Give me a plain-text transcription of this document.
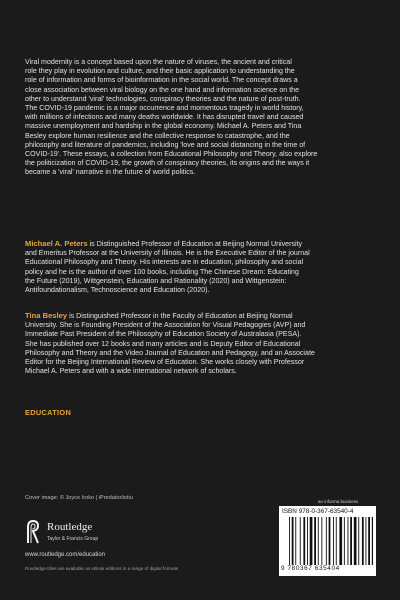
Viral modernity is a concept based upon the nature of viruses, the ancient and critical
role they play in evolution and culture, and their basic application to understanding the
role of information and forms of bioinformation in the social world. The concept draws a
close association between viral biology on the one hand and information science on the
other to understand 'viral' technologies, conspiracy theories and the nature of post-truth.
The COVID-19 pandemic is a major occurrence and momentous tragedy in world history,
with millions of infections and many deaths worldwide. It has disrupted travel and caused
massive unemployment and hardship in the global economy. Michael A. Peters and Tina
Besley explore human resilience and the collective response to catastrophe, and the
philosophy and literature of pandemics, including 'love and social distancing in the time of
COVID-19'. These essays, a collection from Educational Philosophy and Theory, also explore
the politicization of COVID-19, the growth of conspiracy theories, its origins and the ways it
became a 'viral' narrative in the future of world politics.
Michael A. Peters is Distinguished Professor of Education at Beijing Normal University
and Emeritus Professor at the University of Illinois. He is the Executive Editor of the journal
Educational Philosophy and Theory. His interests are in education, philosophy and social
policy and he is the author of over 100 books, including The Chinese Dream: Educating
the Future (2019), Wittgenstein, Education and Rationality (2020) and Wittgenstein:
Antifoundationalism, Technoscience and Education (2020).
Tina Besley is Distinguished Professor in the Faculty of Education at Beijing Normal
University. She is Founding President of the Association for Visual Pedagogies (AVP) and
Immediate Past President of the Philosophy of Education Society of Australasia (PESA).
She has published over 12 books and many articles and is Deputy Editor of Educational
Philosophy and Theory and the Video Journal of Education and Pedagogy, and an Associate
Editor for the Beijing International Review of Education. She works closely with Professor
Michael A. Peters and with a wide international network of scholars.
EDUCATION
Cover image: © Joyce Iroko | iPredator/istiu
Routledge
Taylor & Francis Group
www.routledge.com/education
Routledge titles are available as eBook editions in a range of digital formats
an informa business
ISBN 978-0-367-63540-4
9 780367 635404
